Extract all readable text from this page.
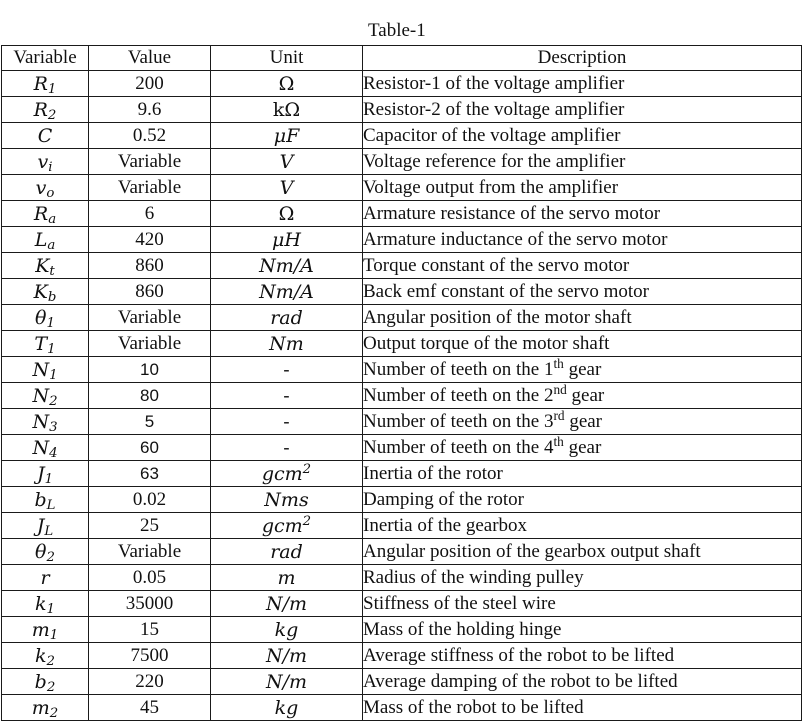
Table-1
Variable	Value	Unit	Description
$R_1$	200	Ω	Resistor-1 of the voltage amplifier
$R_2$	9.6	kΩ	Resistor-2 of the voltage amplifier
C	0.52	μF	Capacitor of the voltage amplifier
$v_i$	Variable	V	Voltage reference for the amplifier
$v_o$	Variable	V	Voltage output from the amplifier
$R_a$	6	Ω	Armature resistance of the servo motor
$L_a$	420	μH	Armature inductance of the servo motor
$K_t$	860	Nm/A	Torque constant of the servo motor
$K_b$	860	Nm/A	Back emf constant of the servo motor
$\theta_1$	Variable	rad	Angular position of the motor shaft
$T_1$	Variable	Nm	Output torque of the motor shaft
$N_1$	10	-	Number of teeth on the 1th gear
$N_2$	80	-	Number of teeth on the 2nd gear
$N_3$	5	-	Number of teeth on the 3rd gear
$N_4$	60	-	Number of teeth on the 4th gear
$J_1$	63	gcm$^2$	Inertia of the rotor
$b_L$	0.02	Nms	Damping of the rotor
$J_L$	25	gcm$^2$	Inertia of the gearbox
$\theta_2$	Variable	rad	Angular position of the gearbox output shaft
r	0.05	m	Radius of the winding pulley
$k_1$	35000	N/m	Stiffness of the steel wire
$m_1$	15	kg	Mass of the holding hinge
$k_2$	7500	N/m	Average stiffness of the robot to be lifted
$b_2$	220	N/m	Average damping of the robot to be lifted
$m_2$	45	kg	Mass of the robot to be lifted
